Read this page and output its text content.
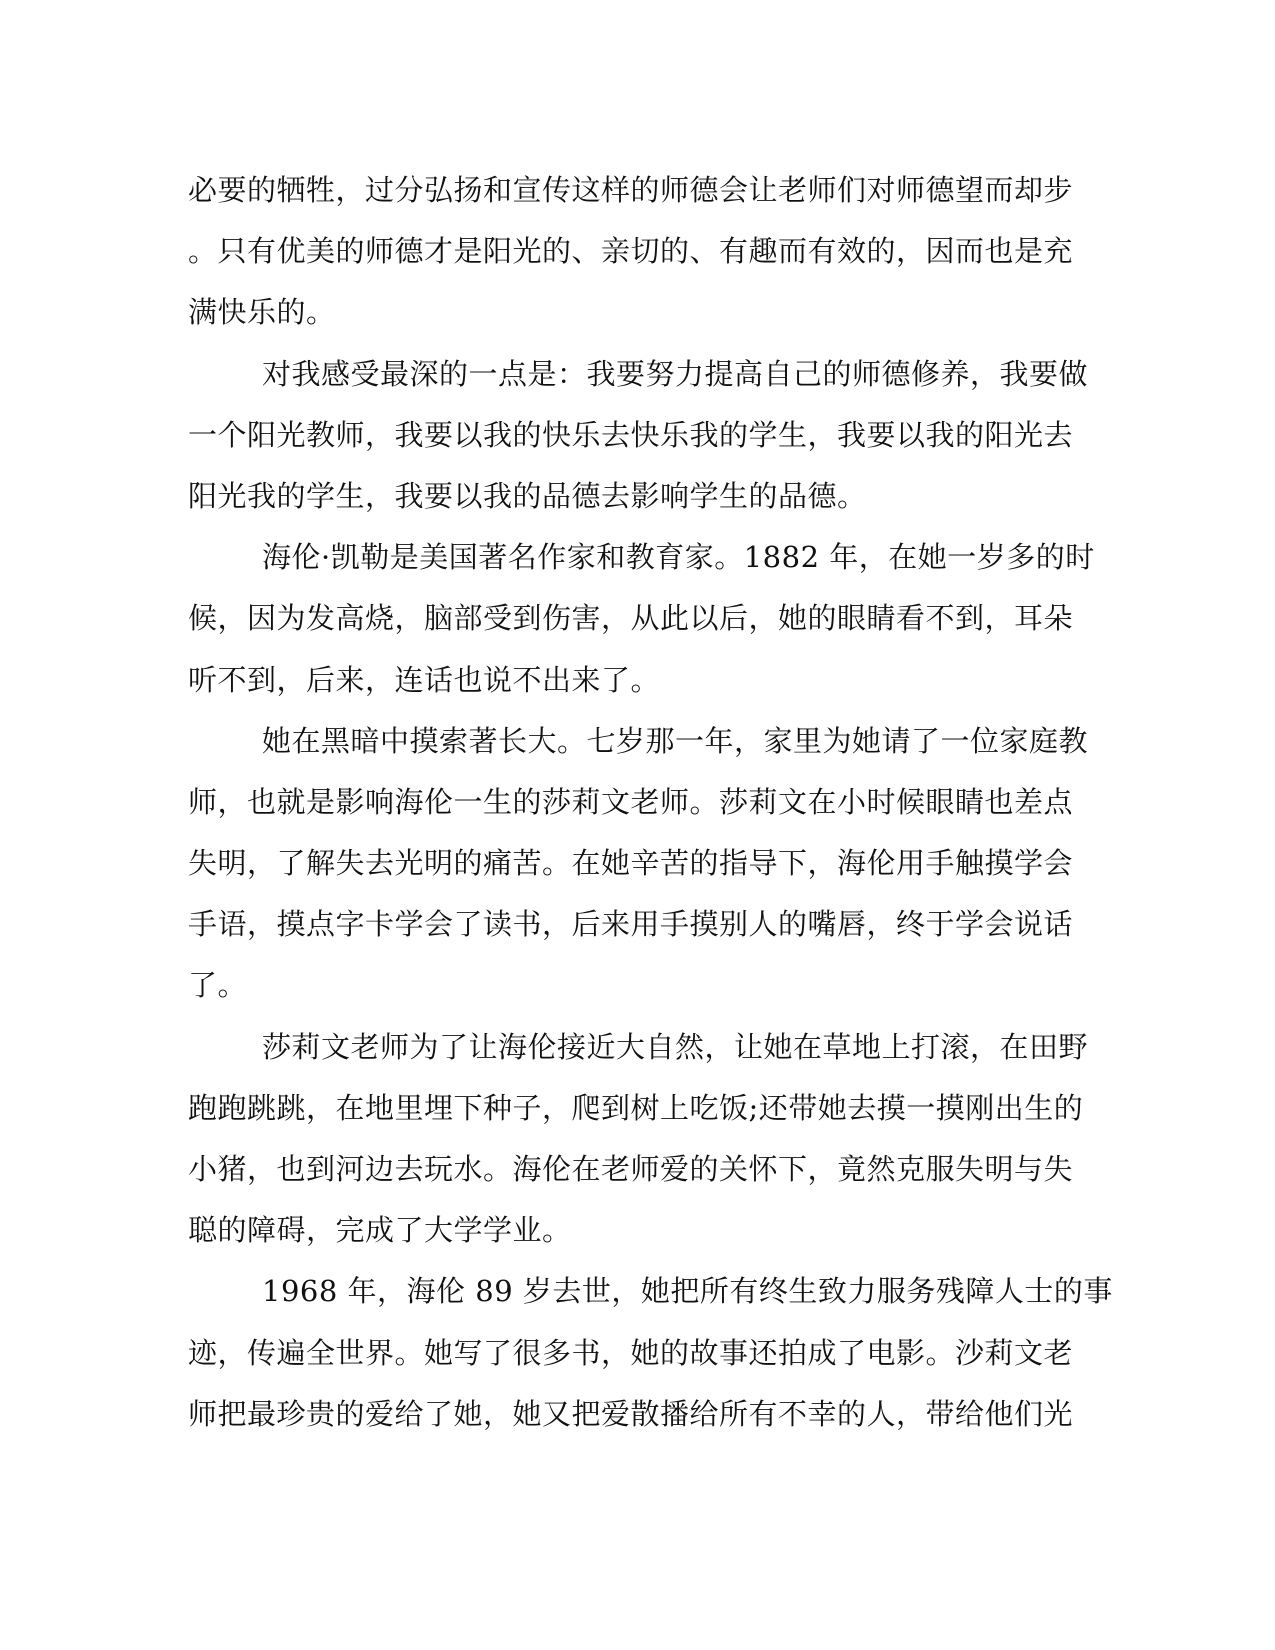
必要的牺牲，过分弘扬和宣传这样的师德会让老师们对师德望而却步
。只有优美的师德才是阳光的、亲切的、有趣而有效的，因而也是充
满快乐的。
对我感受最深的一点是：我要努力提高自己的师德修养，我要做
一个阳光教师，我要以我的快乐去快乐我的学生，我要以我的阳光去
阳光我的学生，我要以我的品德去影响学生的品德。
海伦·凯勒是美国著名作家和教育家。1882 年，在她一岁多的时
候，因为发高烧，脑部受到伤害，从此以后，她的眼睛看不到，耳朵
听不到，后来，连话也说不出来了。
她在黑暗中摸索著长大。七岁那一年，家里为她请了一位家庭教
师，也就是影响海伦一生的莎莉文老师。莎莉文在小时候眼睛也差点
失明，了解失去光明的痛苦。在她辛苦的指导下，海伦用手触摸学会
手语，摸点字卡学会了读书，后来用手摸别人的嘴唇，终于学会说话
了。
莎莉文老师为了让海伦接近大自然，让她在草地上打滚，在田野
跑跑跳跳，在地里埋下种子，爬到树上吃饭;还带她去摸一摸刚出生的
小猪，也到河边去玩水。海伦在老师爱的关怀下，竟然克服失明与失
聪的障碍，完成了大学学业。
1968 年，海伦 89 岁去世，她把所有终生致力服务残障人士的事
迹，传遍全世界。她写了很多书，她的故事还拍成了电影。沙莉文老
师把最珍贵的爱给了她，她又把爱散播给所有不幸的人，带给他们光
